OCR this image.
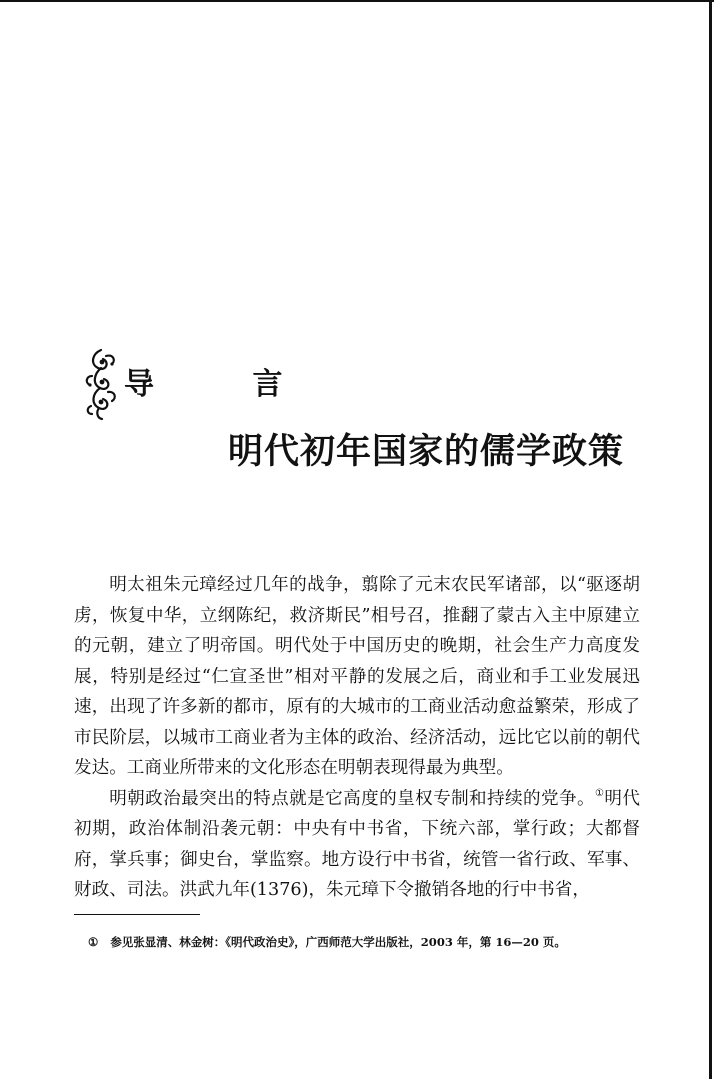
导 言
明代初年国家的儒学政策

明太祖朱元璋经过几年的战争，翦除了元末农民军诸部，以“驱逐胡虏，恢复中华，立纲陈纪，救济斯民”相号召，推翻了蒙古入主中原建立的元朝，建立了明帝国。明代处于中国历史的晚期，社会生产力高度发展，特别是经过“仁宣圣世”相对平静的发展之后，商业和手工业发展迅速，出现了许多新的都市，原有的大城市的工商业活动愈益繁荣，形成了市民阶层，以城市工商业者为主体的政治、经济活动，远比它以前的朝代发达。工商业所带来的文化形态在明朝表现得最为典型。

明朝政治最突出的特点就是它高度的皇权专制和持续的党争。①明代初期，政治体制沿袭元朝：中央有中书省，下统六部，掌行政；大都督府，掌兵事；御史台，掌监察。地方设行中书省，统管一省行政、军事、财政、司法。洪武九年(1376)，朱元璋下令撤销各地的行中书省，

① 参见张显清、林金树：《明代政治史》，广西师范大学出版社，2003 年，第 16—20 页。
